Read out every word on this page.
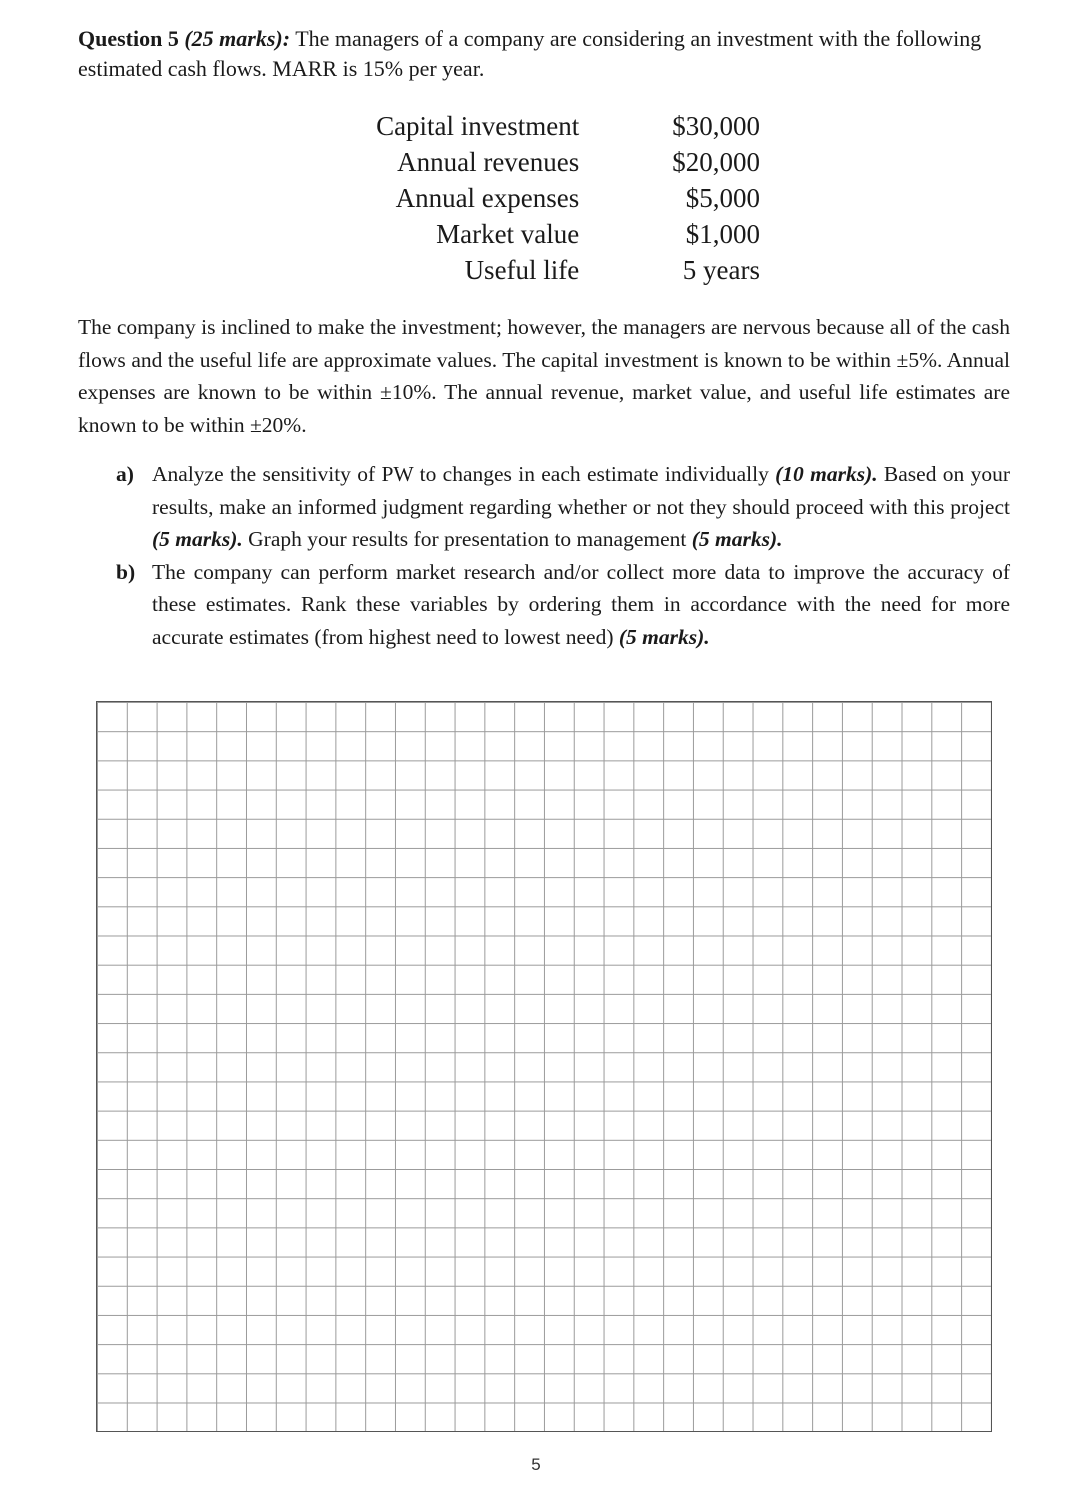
Question 5 (25 marks): The managers of a company are considering an investment with the following estimated cash flows. MARR is 15% per year.
Capital investment	$30,000
Annual revenues	$20,000
Annual expenses	$5,000
Market value	$1,000
Useful life	5 years
The company is inclined to make the investment; however, the managers are nervous because all of the cash flows and the useful life are approximate values. The capital investment is known to be within ±5%. Annual expenses are known to be within ±10%. The annual revenue, market value, and useful life estimates are known to be within ±20%.
a) Analyze the sensitivity of PW to changes in each estimate individually (10 marks). Based on your results, make an informed judgment regarding whether or not they should proceed with this project (5 marks). Graph your results for presentation to management (5 marks).
b) The company can perform market research and/or collect more data to improve the accuracy of these estimates. Rank these variables by ordering them in accordance with the need for more accurate estimates (from highest need to lowest need) (5 marks).
5
